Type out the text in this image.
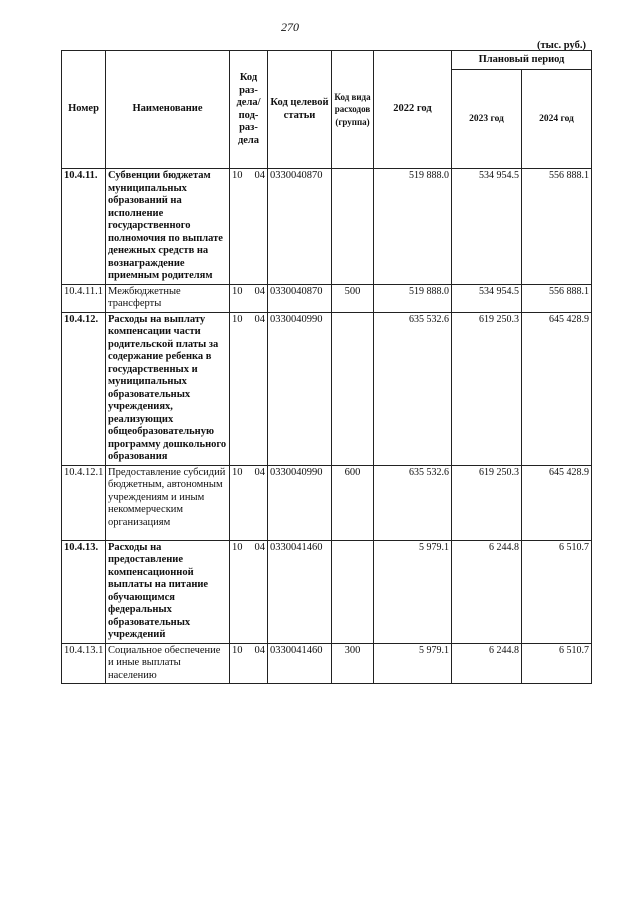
270
(тыс. руб.)
Номер	Наименование	Код раз-дела/ под-раз-дела	Код целевой статьи	Код вида расходов (группа)	2022 год	Плановый период	
						2023 год	2024 год
10.4.11.	Субвенции бюджетам муниципальных образований на исполнение государственного полномочия по выплате денежных средств на вознаграждение приемным родителям	10 04	0330040870		519 888.0	534 954.5	556 888.1
10.4.11.1	Межбюджетные трансферты	10 04	0330040870	500	519 888.0	534 954.5	556 888.1
10.4.12.	Расходы на выплату компенсации части родительской платы за содержание ребенка в государственных и муниципальных образовательных учреждениях, реализующих общеобразовательную программу дошкольного образования	10 04	0330040990		635 532.6	619 250.3	645 428.9
10.4.12.1	Предоставление субсидий бюджетным, автономным учреждениям и иным некоммерческим организациям	10 04	0330040990	600	635 532.6	619 250.3	645 428.9
10.4.13.	Расходы на предоставление компенсационной выплаты на питание обучающимся федеральных образовательных учреждений	10 04	0330041460		5 979.1	6 244.8	6 510.7
10.4.13.1	Социальное обеспечение и иные выплаты населению	10 04	0330041460	300	5 979.1	6 244.8	6 510.7
